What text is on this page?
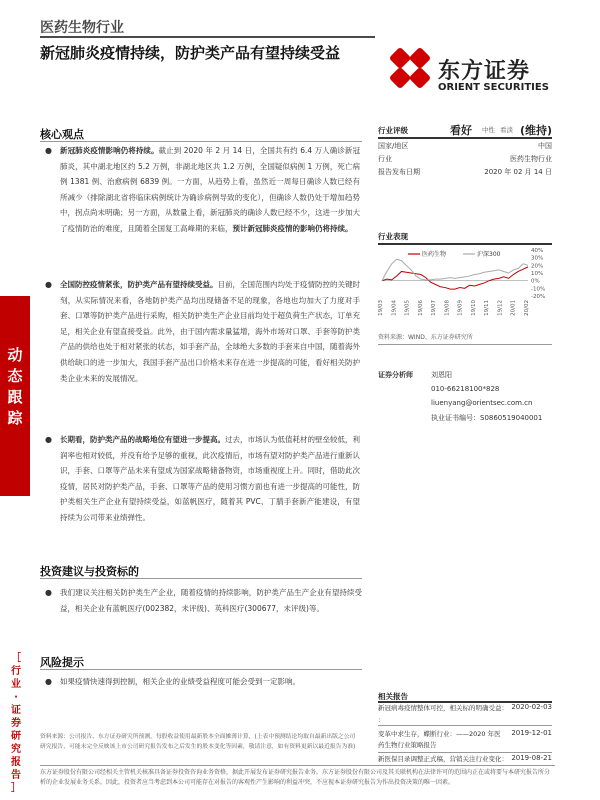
医药生物行业
新冠肺炎疫情持续，防护类产品有望持续受益
东方证券
ORIENT SECURITIES
动
态
跟
踪
［
行
业
·
证
券
研
究
报
告
］
核心观点
● 新冠肺炎疫情影响仍将持续。截止到 2020 年 2 月 14 日，全国共有约 6.4 万人确诊新冠肺炎，其中湖北地区约 5.2 万例，非湖北地区共 1.2 万例，全国疑似病例 1 万例，死亡病例 1381 例、治愈病例 6839 例。一方面，从趋势上看，虽然近一周每日确诊人数已经有所减少（排除湖北省将临床病例统计为确诊病例导致的变化），但确诊人数仍处于增加趋势中，拐点尚未明确；另一方面，从数量上看，新冠肺炎的确诊人数已经不少，这进一步加大了疫情防治的难度，且随着全国复工高峰期的来临，预计新冠肺炎疫情的影响仍将持续。
● 全国防控疫情紧张，防护类产品有望持续受益。目前，全国范围内均处于疫情防控的关键时刻，从实际情况来看，各地防护类产品均出现储备不足的现象，各地也均加大了力度对手套、口罩等防护类产品进行采购，相关防护类生产企业目前均处于超负荷生产状态，订单充足，相关企业有望直接受益。此外，由于国内需求量猛增，海外市场对口罩、手套等防护类产品的供给也处于相对紧张的状态，如手套产品，全球绝大多数的手套来自中国，随着海外供给缺口的进一步加大，我国手套产品出口价格未来存在进一步提高的可能，看好相关防护类企业未来的发展情况。
● 长期看，防护类产品的战略地位有望进一步提高。过去，市场认为低值耗材的壁垒较低，利润率也相对较低，并没有给予足够的重视，此次疫情后，市场有望对防护类产品进行重新认识，手套、口罩等产品未来有望成为国家战略储备物资，市场重视度上升。同时，借助此次疫情，居民对防护类产品，手套、口罩等产品的使用习惯方面也有进一步提高的可能性，防护类相关生产企业有望持续受益，如蓝帆医疗，随着其 PVC、丁腈手套新产能建设，有望持续为公司带来业绩弹性。
投资建议与投资标的
● 我们建议关注相关防护类生产企业，随着疫情的持续影响，防护类产品生产企业有望持续受益，相关企业有蓝帆医疗(002382，未评级)、英科医疗(300677，未评级)等。
风险提示
● 如果疫情快速得到控制，相关企业的业绩受益程度可能会受到一定影响。
行业评级	看好 中性 看淡 (维持)
国家/地区	中国
行业	医药生物行业
报告发布日期	2020 年 02 月 14 日
行业表现
40%
30%
20%
10%
0%
-10%
-20%
19/03 19/04 19/05 19/06 19/07 19/08 19/09 19/10 19/11 19/12 20/01 20/02
医药生物	沪深300
资料来源：WIND、东方证券研究所
证券分析师	刘恩阳
010-66218100*828
liuenyang@orientsec.com.cn
执业证书编号：S0860519040001
相关报告
新冠病毒疫情整体可控，相关标的明确受益： 2020-02-03
：
变革中求生存，蝶断行业：——2020 年医药生物行业策略报告
2019-12-01
新医保目录调整正式稿，营销关注行业变化： 2019-08-21
资料来源：公司报告、东方证券研究所预测，每股收益使用最新股本全面摊薄计算，(上表中预测结论均取自最新出版之公司研究报告，可能未完全反映该上市公司研究报告发布之后发生的股本变化等因素，敬请注意，如有资料更新以最近报告为准)
东方证券股份有限公司经相关主管机关核准具备证券投资咨询业务资格，据此开展发布证券研究报告业务。东方证券股份有限公司及其关联机构在法律许可的范围内正在或将要与本研究报告所分析的企业发展业务关系。因此，投资者应当考虑到本公司可能存在对报告的客观性产生影响的利益冲突，不应视本证券研究报告为作出投资决策的唯一因素。
